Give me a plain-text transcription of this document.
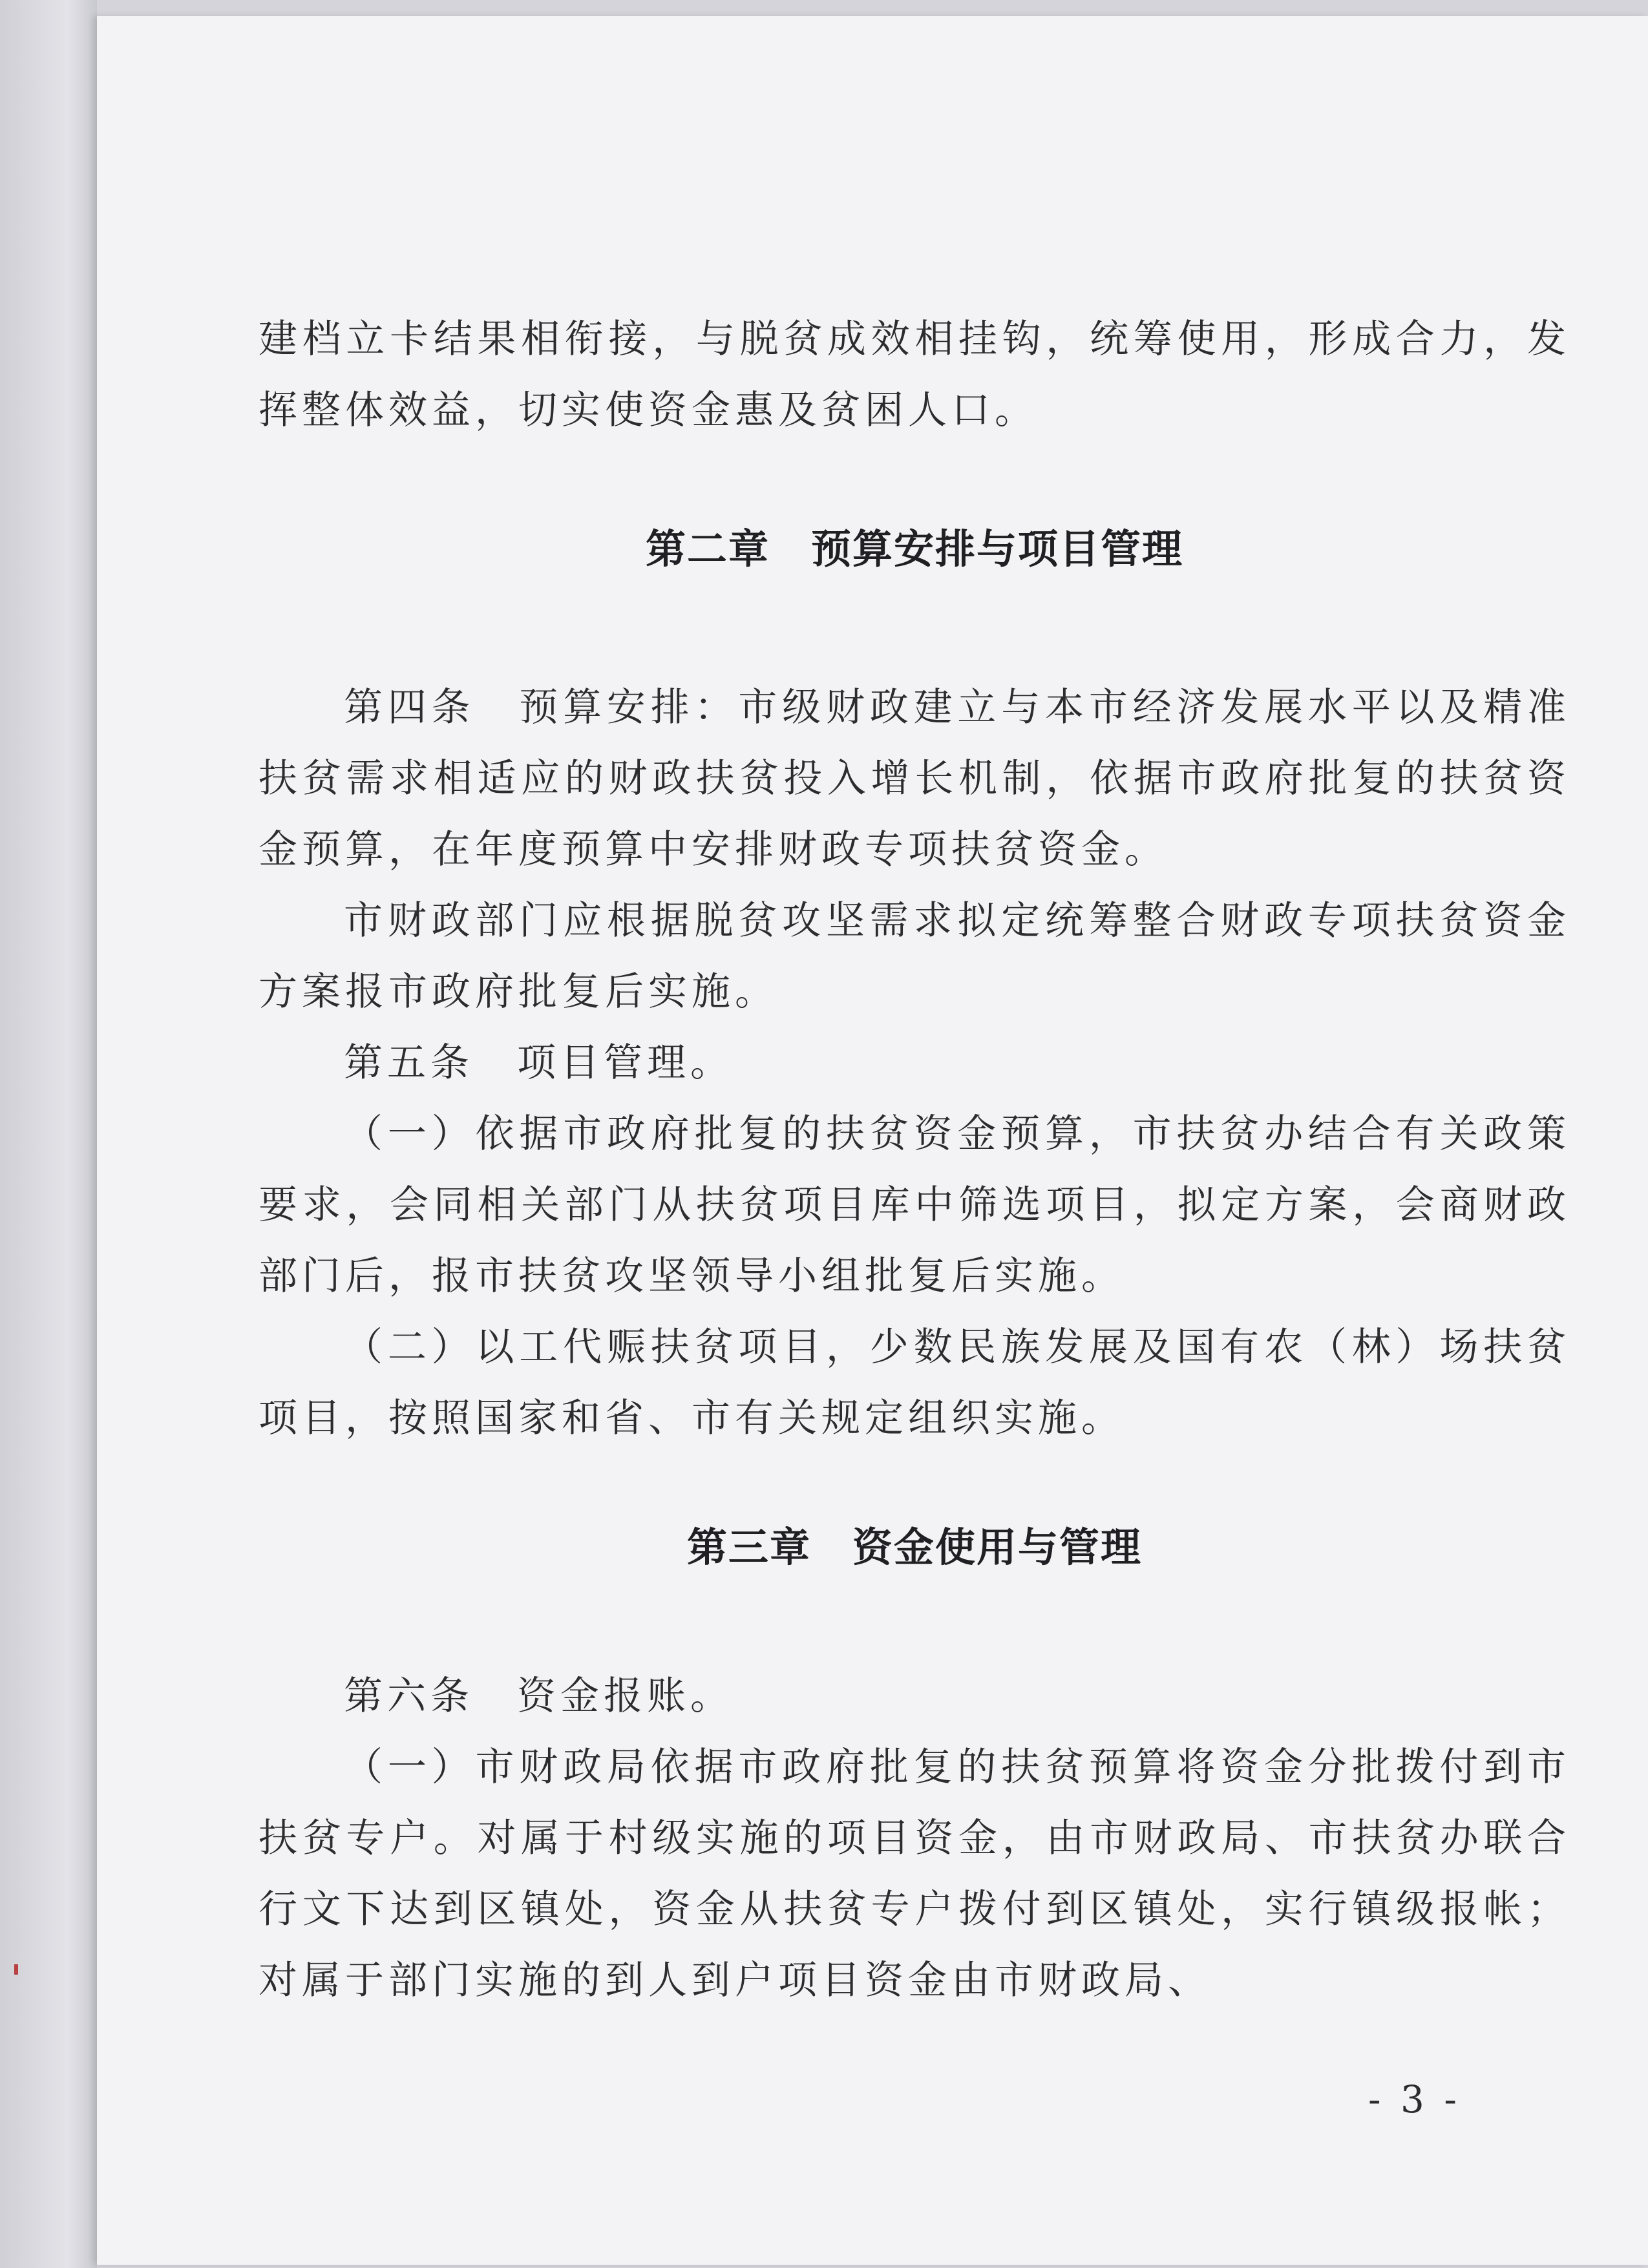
建档立卡结果相衔接，与脱贫成效相挂钩，统筹使用，形成合力，发挥整体效益，切实使资金惠及贫困人口。

第二章 预算安排与项目管理

第四条　预算安排：市级财政建立与本市经济发展水平以及精准扶贫需求相适应的财政扶贫投入增长机制，依据市政府批复的扶贫资金预算，在年度预算中安排财政专项扶贫资金。

市财政部门应根据脱贫攻坚需求拟定统筹整合财政专项扶贫资金方案报市政府批复后实施。

第五条　项目管理。

（一）依据市政府批复的扶贫资金预算，市扶贫办结合有关政策要求，会同相关部门从扶贫项目库中筛选项目，拟定方案，会商财政部门后，报市扶贫攻坚领导小组批复后实施。

（二）以工代赈扶贫项目，少数民族发展及国有农（林）场扶贫项目，按照国家和省、市有关规定组织实施。

第三章 资金使用与管理

第六条　资金报账。

（一）市财政局依据市政府批复的扶贫预算将资金分批拨付到市扶贫专户。对属于村级实施的项目资金，由市财政局、市扶贫办联合行文下达到区镇处，资金从扶贫专户拨付到区镇处，实行镇级报帐；对属于部门实施的到人到户项目资金由市财政局、

- 3 -
